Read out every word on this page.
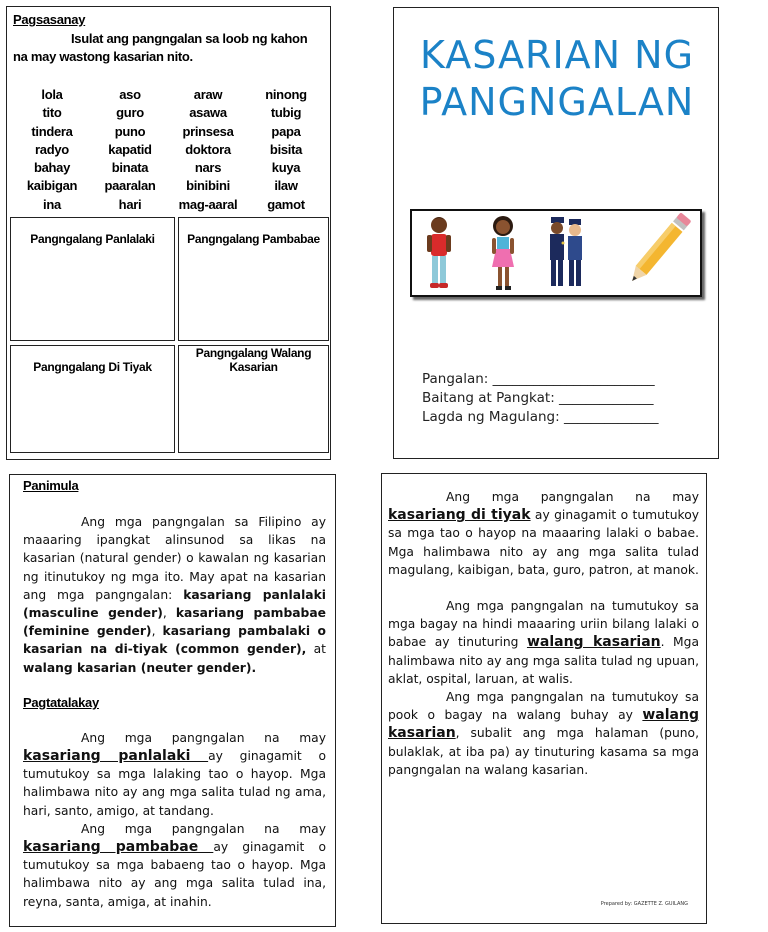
Pagsasanay
Isulat ang pangngalan sa loob ng kahon
na may wastong kasarian nito.
lola	aso	araw	ninong
tito	guro	asawa	tubig
tindera	puno	prinsesa	papa
radyo	kapatid	doktora	bisita
bahay	binata	nars	kuya
kaibigan	paaralan	binibini	ilaw
ina	hari	mag-aaral	gamot
Pangngalang Panlalaki	Pangngalang Pambabae
Pangngalang Di Tiyak
Pangngalang Walang
Kasarian
KASARIAN NG
PANGNGALAN
Pangalan: ________________________
Baitang at Pangkat: ______________
Lagda ng Magulang: ______________
Panimula

Ang mga pangngalan sa Filipino ay maaaring ipangkat alinsunod sa likas na kasarian (natural gender) o kawalan ng kasarian ng itinutukoy ng mga ito. May apat na kasarian ang mga pangngalan: kasariang panlalaki (masculine gender), kasariang pambabae (feminine gender), kasariang pambalaki o kasarian na di-tiyak (common gender), at walang kasarian (neuter gender).

Pagtatalakay

Ang mga pangngalan na may kasariang panlalaki ay ginagamit o tumutukoy sa mga lalaking tao o hayop. Mga halimbawa nito ay ang mga salita tulad ng ama, hari, santo, amigo, at tandang.

Ang mga pangngalan na may kasariang pambabae ay ginagamit o tumutukoy sa mga babaeng tao o hayop. Mga halimbawa nito ay ang mga salita tulad ina, reyna, santa, amiga, at inahin.

Ang mga pangngalan na may kasariang di tiyak ay ginagamit o tumutukoy sa mga tao o hayop na maaaring lalaki o babae. Mga halimbawa nito ay ang mga salita tulad magulang, kaibigan, bata, guro, patron, at manok.

Ang mga pangngalan na tumutukoy sa mga bagay na hindi maaaring uriin bilang lalaki o babae ay tinuturing walang kasarian. Mga halimbawa nito ay ang mga salita tulad ng upuan, aklat, ospital, laruan, at walis.

Ang mga pangngalan na tumutukoy sa pook o bagay na walang buhay ay walang kasarian, subalit ang mga halaman (puno, bulaklak, at iba pa) ay tinuturing kasama sa mga pangngalan na walang kasarian.

Prepared by: GAZETTE Z. GUILANG
